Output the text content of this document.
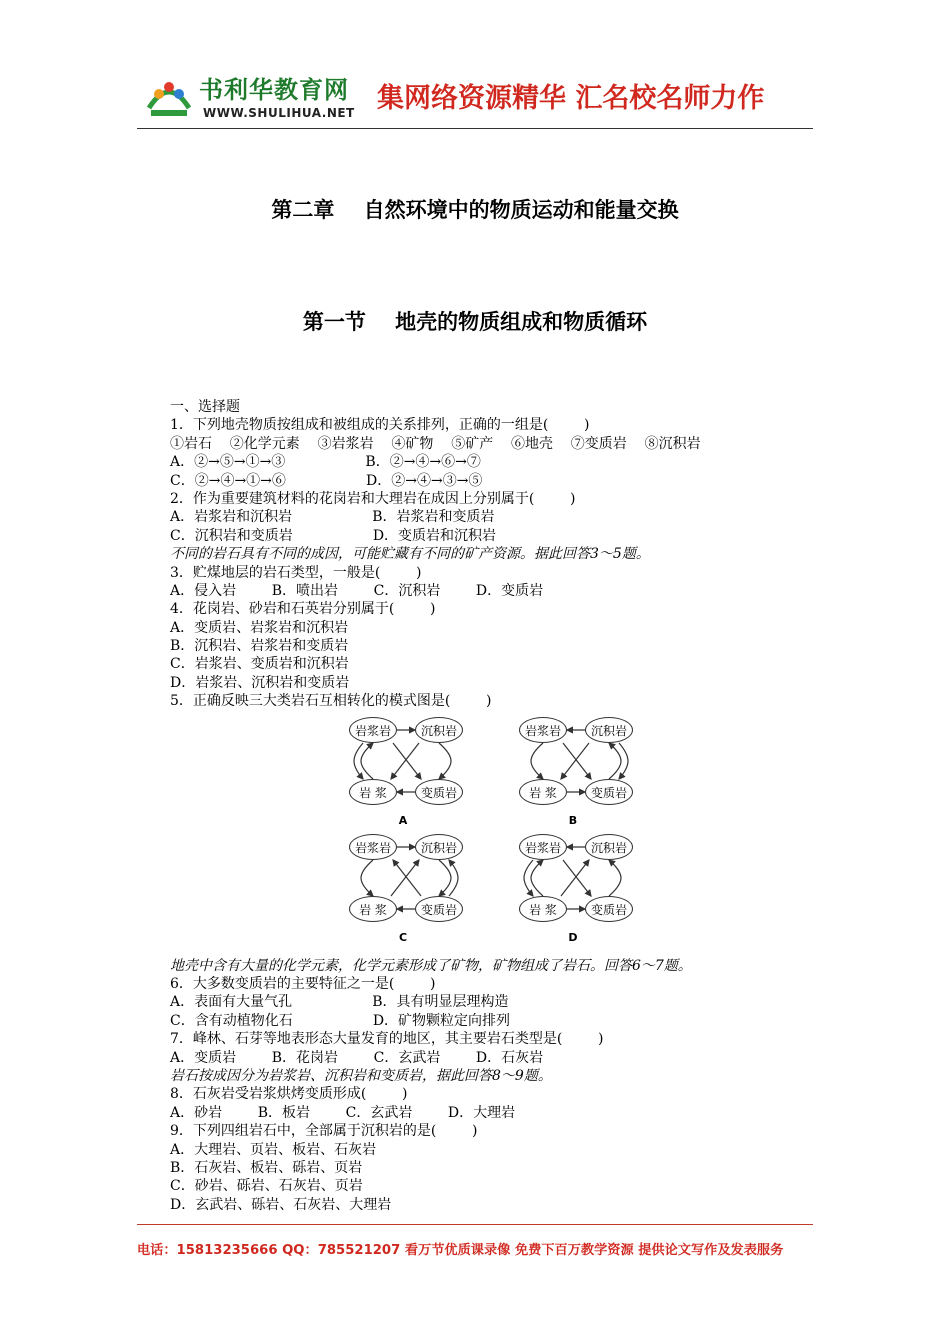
书利华教育网
WWW.SHULIHUA.NET 集网络资源精华 汇名校名师力作
第二章    自然环境中的物质运动和能量交换
第一节    地壳的物质组成和物质循环
一、选择题
1．下列地壳物质按组成和被组成的关系排列，正确的一组是(        )
①岩石    ②化学元素    ③岩浆岩    ④矿物    ⑤矿产    ⑥地壳    ⑦变质岩    ⑧沉积岩
A．②→⑤→①→③                  B．②→④→⑥→⑦
C．②→④→①→⑥                  D．②→④→③→⑤
2．作为重要建筑材料的花岗岩和大理岩在成因上分别属于(        )
A．岩浆岩和沉积岩                  B．岩浆岩和变质岩
C．沉积岩和变质岩                  D．变质岩和沉积岩
不同的岩石具有不同的成因，可能贮藏有不同的矿产资源。据此回答3～5题。
3．贮煤地层的岩石类型，一般是(        )
A．侵入岩        B．喷出岩        C．沉积岩        D．变质岩
4．花岗岩、砂岩和石英岩分别属于(        )
A．变质岩、岩浆岩和沉积岩
B．沉积岩、岩浆岩和变质岩
C．岩浆岩、变质岩和沉积岩
D．岩浆岩、沉积岩和变质岩
5．正确反映三大类岩石互相转化的模式图是(        )
岩浆岩	沉积岩
岩 浆	变质岩
A
岩浆岩	沉积岩
岩 浆	变质岩
B
岩浆岩	沉积岩
岩 浆	变质岩
C
岩浆岩	沉积岩
岩 浆	变质岩
D
地壳中含有大量的化学元素，化学元素形成了矿物，矿物组成了岩石。回答6～7题。
6．大多数变质岩的主要特征之一是(        )
A．表面有大量气孔                  B．具有明显层理构造
C．含有动植物化石                  D．矿物颗粒定向排列
7．峰林、石芽等地表形态大量发育的地区，其主要岩石类型是(        )
A．变质岩        B．花岗岩        C．玄武岩        D．石灰岩
岩石按成因分为岩浆岩、沉积岩和变质岩，据此回答8～9题。
8．石灰岩受岩浆烘烤变质形成(        )
A．砂岩        B．板岩        C．玄武岩        D．大理岩
9．下列四组岩石中，全部属于沉积岩的是(        )
A．大理岩、页岩、板岩、石灰岩
B．石灰岩、板岩、砾岩、页岩
C．砂岩、砾岩、石灰岩、页岩
D．玄武岩、砾岩、石灰岩、大理岩
电话：15813235666 QQ：785521207 看万节优质课录像 免费下百万教学资源 提供论文写作及发表服务
